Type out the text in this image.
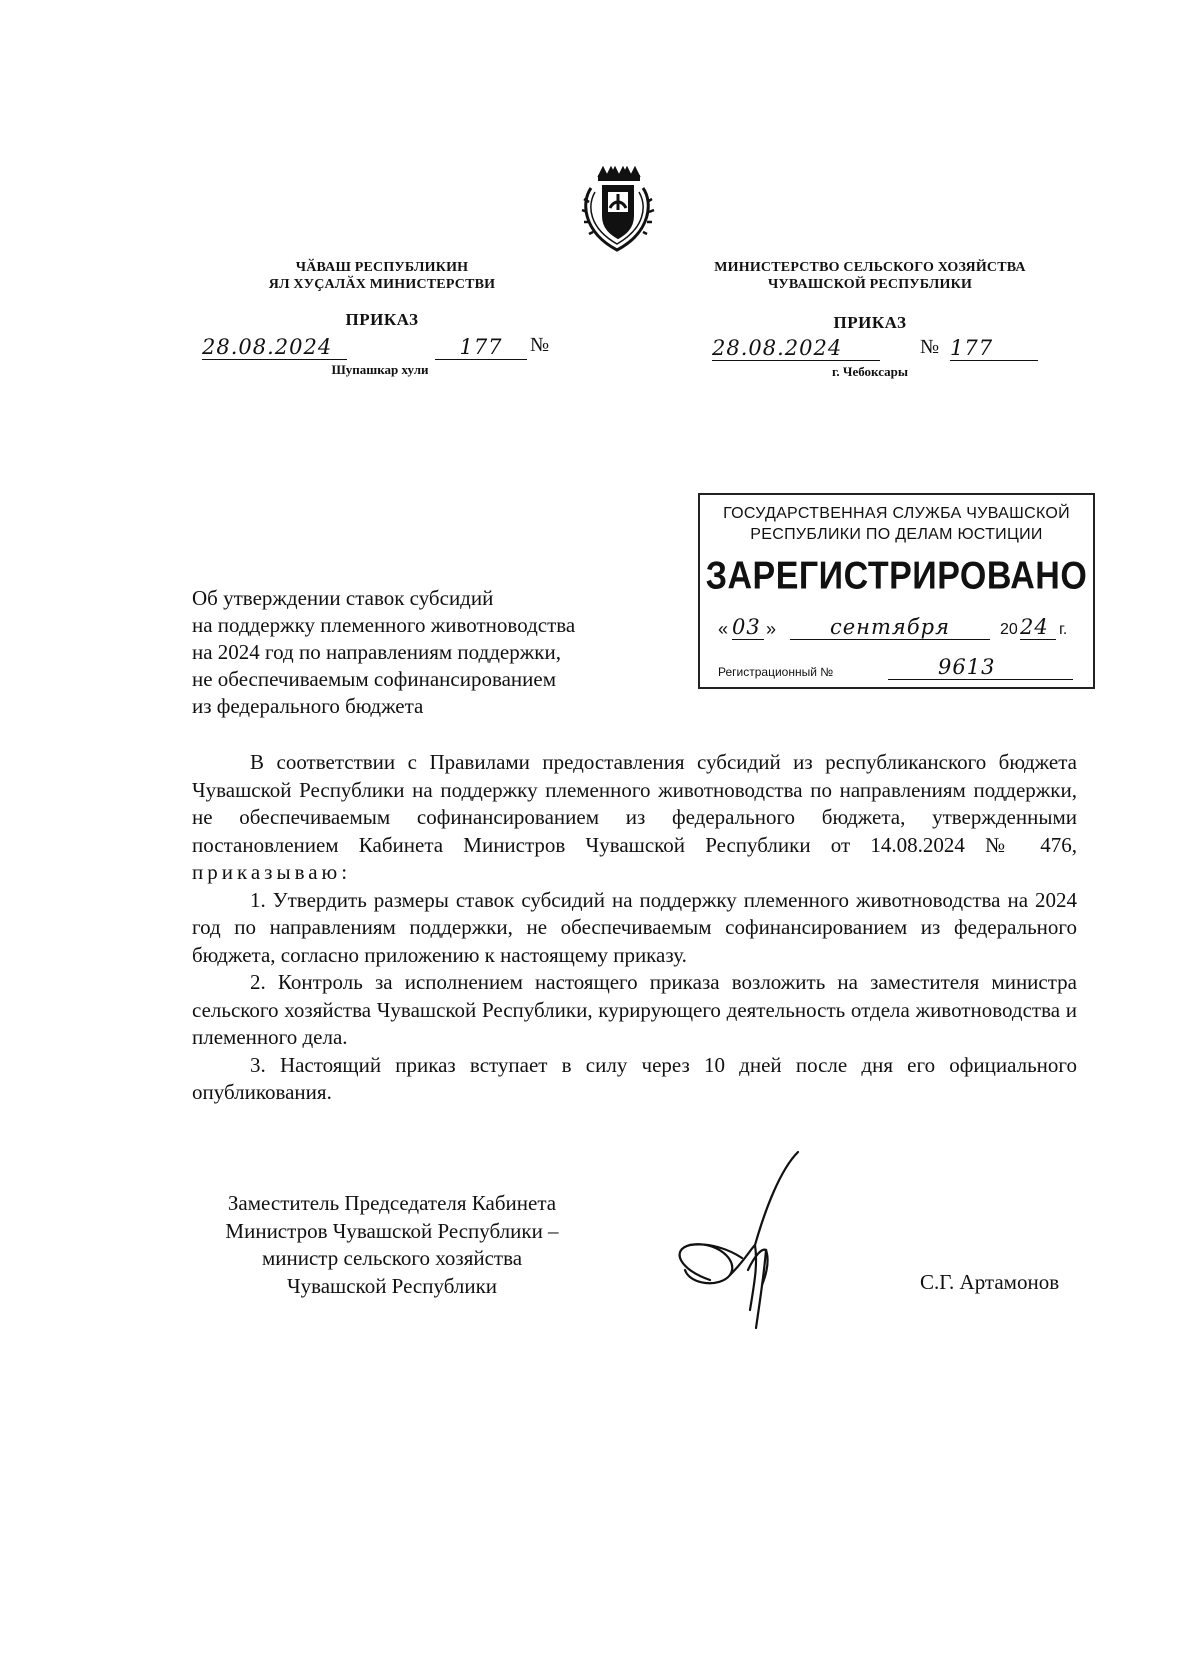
ЧӐВАШ РЕСПУБЛИКИН
ЯЛ ХУҪАЛӐХ МИНИСТЕРСТВИ
ПРИКАЗ
28.08.2024	177	№
Шупашкар хули
МИНИСТЕРСТВО СЕЛЬСКОГО ХОЗЯЙСТВА
ЧУВАШСКОЙ РЕСПУБЛИКИ
ПРИКАЗ
28.08.2024	№ 177
г. Чебоксары
ГОСУДАРСТВЕННАЯ СЛУЖБА ЧУВАШСКОЙ
РЕСПУБЛИКИ ПО ДЕЛАМ ЮСТИЦИИ
ЗАРЕГИСТРИРОВАНО
« 03 »	сентября	20 24 г.
Регистрационный №	9613
Об утверждении ставок субсидий
на поддержку племенного животноводства
на 2024 год по направлениям поддержки,
не обеспечиваемым софинансированием
из федерального бюджета

В соответствии с Правилами предоставления субсидий из республиканского бюджета Чувашской Республики на поддержку племенного животноводства по направлениям поддержки, не обеспечиваемым софинансированием из федерального бюджета, утвержденными постановлением Кабинета Министров Чувашской Республики от 14.08.2024 № 476, приказываю:

1. Утвердить размеры ставок субсидий на поддержку племенного животноводства на 2024 год по направлениям поддержки, не обеспечиваемым софинансированием из федерального бюджета, согласно приложению к настоящему приказу.

2. Контроль за исполнением настоящего приказа возложить на заместителя министра сельского хозяйства Чувашской Республики, курирующего деятельность отдела животноводства и племенного дела.

3. Настоящий приказ вступает в силу через 10 дней после дня его официального опубликования.

Заместитель Председателя Кабинета
Министров Чувашской Республики –
министр сельского хозяйства
Чувашской Республики	С.Г. Артамонов
